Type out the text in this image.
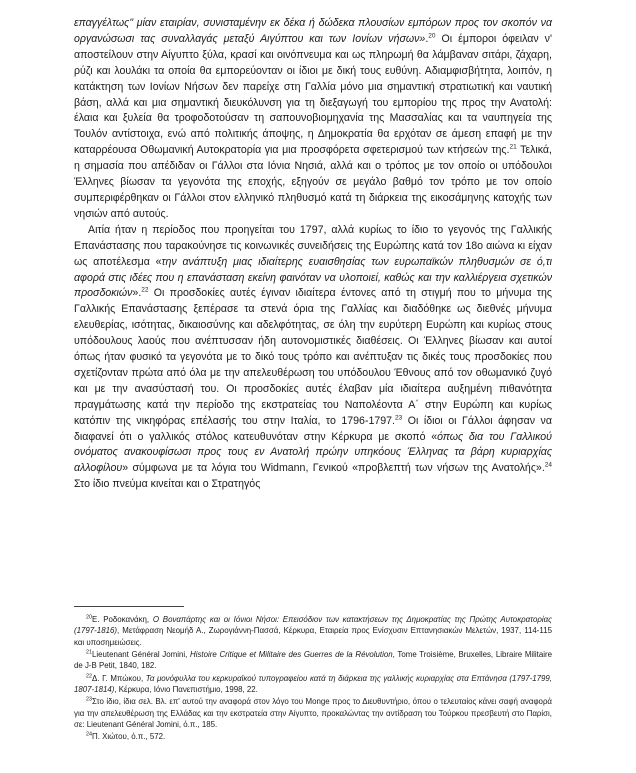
επαγγέλτως" μίαν εταιρίαν, συνισταμένην εκ δέκα ή δώδεκα πλουσίων εμπόρων προς τον σκοπόν να οργανώσωσι τας συναλλαγάς μεταξύ Αιγύπτου και των Ιονίων νήσων».$^{20}$ Οι έμποροι όφειλαν ν' αποστείλουν στην Αίγυπτο ξύλα, κρασί και οινόπνευμα και ως πληρωμή θα λάμβαναν σιτάρι, ζάχαρη, ρύζι και λουλάκι τα οποία θα εμπορεύονταν οι ίδιοι με δική τους ευθύνη. Αδιαμφισβήτητα, λοιπόν, η κατάκτηση των Ιονίων Νήσων δεν παρείχε στη Γαλλία μόνο μια σημαντική στρατιωτική και ναυτική βάση, αλλά και μια σημαντική διευκόλυνση για τη διεξαγωγή του εμπορίου της προς την Ανατολή: έλαια και ξυλεία θα τροφοδοτούσαν τη σαπουνοβιομηχανία της Μασσαλίας και τα ναυπηγεία της Τουλόν αντίστοιχα, ενώ από πολιτικής άποψης, η Δημοκρατία θα ερχόταν σε άμεση επαφή με την καταρρέουσα Οθωμανική Αυτοκρατορία για μια προσφόρετα σφετερισμού των κτήσεών της.$^{21}$ Τελικά, η σημασία που απέδιδαν οι Γάλλοι στα Ιόνια Νησιά, αλλά και ο τρόπος με τον οποίο οι υπόδουλοι Έλληνες βίωσαν τα γεγονότα της εποχής, εξηγούν σε μεγάλο βαθμό τον τρόπο με τον οποίο συμπεριφέρθηκαν οι Γάλλοι στον ελληνικό πληθυσμό κατά τη διάρκεια της εικοσάμηνης κατοχής των νησιών από αυτούς.

Αιτία ήταν η περίοδος που προηγείται του 1797, αλλά κυρίως το ίδιο το γεγονός της Γαλλικής Επανάστασης που ταρακούνησε τις κοινωνικές συνειδήσεις της Ευρώπης κατά τον 18ο αιώνα κι είχαν ως αποτέλεσμα «την ανάπτυξη μιας ιδιαίτερης ευαισθησίας των ευρωπαϊκών πληθυσμών σε ό,τι αφορά στις ιδέες που η επανάσταση εκείνη φαινόταν να υλοποιεί, καθώς και την καλλιέργεια σχετικών προσδοκιών».$^{22}$ Οι προσδοκίες αυτές έγιναν ιδιαίτερα έντονες από τη στιγμή που το μήνυμα της Γαλλικής Επανάστασης ξεπέρασε τα στενά όρια της Γαλλίας και διαδόθηκε ως διεθνές μήνυμα ελευθερίας, ισότητας, δικαιοσύνης και αδελφότητας, σε όλη την ευρύτερη Ευρώπη και κυρίως στους υπόδουλους λαούς που ανέπτυσσαν ήδη αυτονομιστικές διαθέσεις. Οι Έλληνες βίωσαν και αυτοί όπως ήταν φυσικό τα γεγονότα με το δικό τους τρόπο και ανέπτυξαν τις δικές τους προσδοκίες που σχετίζονταν πρώτα από όλα με την απελευθέρωση του υπόδουλου Έθνους από τον οθωμανικό ζυγό και με την ανασύστασή του. Οι προσδοκίες αυτές έλαβαν μία ιδιαίτερα αυξημένη πιθανότητα πραγμάτωσης κατά την περίοδο της εκστρατείας του Ναπολέοντα Α΄ στην Ευρώπη και κυρίως κατόπιν της νικηφόρας επέλασής του στην Ιταλία, το 1796-1797.23 Οι ίδιοι οι Γάλλοι άφησαν να διαφανεί ότι ο γαλλικός στόλος κατευθυνόταν στην Κέρκυρα με σκοπό «όπως δια του Γαλλικού ονόματος ανακουφίσωσι προς τους εν Ανατολή πρώην υπηκόους Έλληνας τα βάρη κυριαρχίας αλλοφίλου» σύμφωνα με τα λόγια του Widmann, Γενικού «προβλεπτή των νήσων της Ανατολής».$^{24}$ Στο ίδιο πνεύμα κινείται και ο Στρατηγός

$^{20}$Ε. Ροδοκανάκη, Ο Βοναπάρτης και οι Ιόνιοι Νήσοι: Επεισόδιον των κατακτήσεων της Δημοκρατίας της Πρώτης Αυτοκρατορίας (1797-1816), Μετάφραση Νεομήδ Α., Ζωρογιάννη-Πασσά, Κέρκυρα, Εταιρεία προς Ενίσχυσιν Επτανησιακών Μελετών, 1937, 114-115 και υποσημειώσεις.

$^{21}$Lieutenant Général Jomini, Histoire Critique et Militaire des Guerres de la Révolution, Tome Troisième, Bruxelles, Libraire Militaire de J-B Petit, 1840, 182.

$^{22}$Δ. Γ. Μπώκου, Τα μονόφυλλα του κερκυραϊκού τυπογραφείου κατά τη διάρκεια της γαλλικής κυριαρχίας στα Επτάνησα (1797-1799, 1807-1814), Κέρκυρα, Ιόνιο Πανεπιστήμιο, 1998, 22.

$^{23}$Στο ίδιο, ίδια σελ. Βλ. επ' αυτού την αναφορά στον λόγο του Monge προς το Διευθυντήριο, όπου ο τελευταίος κάνει σαφή αναφορά για την απελευθέρωση της Ελλάδας και την εκστρατεία στην Αίγυπτο, προκαλώντας την αντίδραση του Τούρκου πρεσβευτή στο Παρίσι, σε: Lieutenant Général Jomini, ό.π., 185.

$^{24}$Π. Χιώτου, ό.π., 572.
